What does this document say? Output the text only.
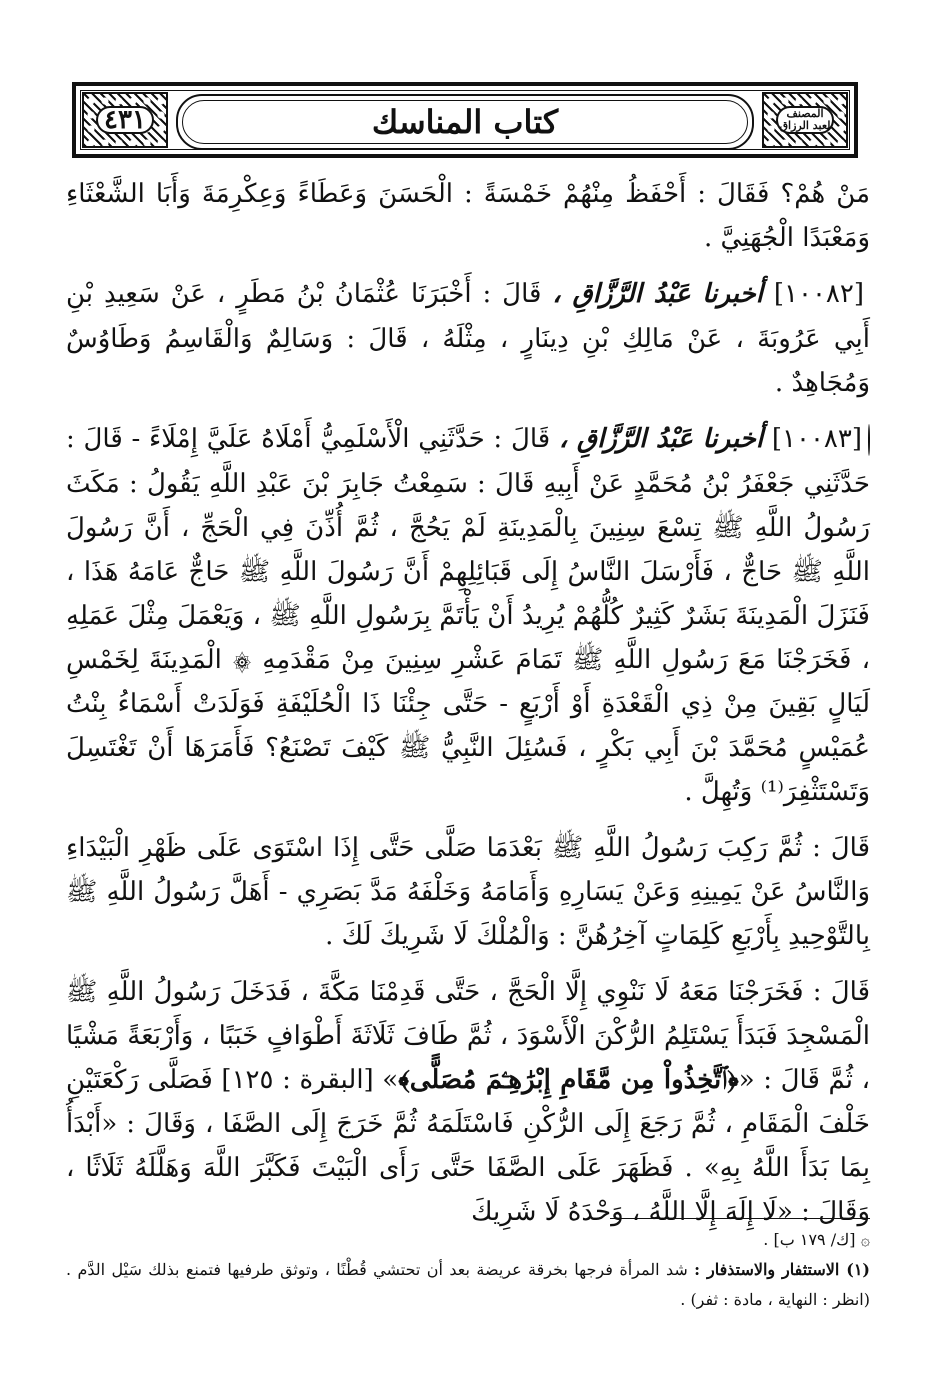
المصنف
لعبد الرزاق
كتاب المناسك
٤٣١

مَنْ هُمْ؟ فَقَالَ : أَحْفَظُ مِنْهُمْ خَمْسَةً : الْحَسَنَ وَعَطَاءً وَعِكْرِمَةَ وَأَبَا الشَّعْثَاءِ وَمَعْبَدًا الْجُهَنِيَّ .

[١٠٠٨٢] أخبرنا عَبْدُ الرَّزَّاقِ ، قَالَ : أَخْبَرَنَا عُثْمَانُ بْنُ مَطَرٍ ، عَنْ سَعِيدِ بْنِ أَبِي عَرُوبَةَ ، عَنْ مَالِكِ بْنِ دِينَارٍ ، مِثْلَهُ ، قَالَ : وَسَالِمٌ وَالْقَاسِمُ وَطَاوُسٌ وَمُجَاهِدٌ .

[١٠٠٨٣] أخبرنا عَبْدُ الرَّزَّاقِ ، قَالَ : حَدَّثَنِي الْأَسْلَمِيُّ أَمْلَاهُ عَلَيَّ إِمْلَاءً - قَالَ : حَدَّثَنِي جَعْفَرُ بْنُ مُحَمَّدٍ عَنْ أَبِيهِ قَالَ : سَمِعْتُ جَابِرَ بْنَ عَبْدِ اللَّهِ يَقُولُ : مَكَثَ رَسُولُ اللَّهِ ﷺ تِسْعَ سِنِينَ بِالْمَدِينَةِ لَمْ يَحُجَّ ، ثُمَّ أُذِّنَ فِي الْحَجِّ ، أَنَّ رَسُولَ اللَّهِ ﷺ حَاجٌّ ، فَأَرْسَلَ النَّاسُ إِلَى قَبَائِلِهِمْ أَنَّ رَسُولَ اللَّهِ ﷺ حَاجٌّ عَامَهُ هَذَا ، فَنَزَلَ الْمَدِينَةَ بَشَرٌ كَثِيرٌ كُلُّهُمْ يُرِيدُ أَنْ يَأْتَمَّ بِرَسُولِ اللَّهِ ﷺ ، وَيَعْمَلَ مِثْلَ عَمَلِهِ ، فَخَرَجْنَا مَعَ رَسُولِ اللَّهِ ﷺ تَمَامَ عَشْرِ سِنِينَ مِنْ مَقْدَمِهِ ۞ الْمَدِينَةَ لِخَمْسِ لَيَالٍ بَقِينَ مِنْ ذِي الْقَعْدَةِ أَوْ أَرْبَعٍ - حَتَّى جِئْنَا ذَا الْحُلَيْفَةِ فَوَلَدَتْ أَسْمَاءُ بِنْتُ عُمَيْسٍ مُحَمَّدَ بْنَ أَبِي بَكْرٍ ، فَسُئِلَ النَّبِيُّ ﷺ كَيْفَ تَصْنَعُ؟ فَأَمَرَهَا أَنْ تَغْتَسِلَ وَتَسْتَثْفِرَ⁽¹⁾ وَتُهِلَّ .

قَالَ : ثُمَّ رَكِبَ رَسُولُ اللَّهِ ﷺ بَعْدَمَا صَلَّى حَتَّى إِذَا اسْتَوَى عَلَى ظَهْرِ الْبَيْدَاءِ وَالنَّاسُ عَنْ يَمِينِهِ وَعَنْ يَسَارِهِ وَأَمَامَهُ وَخَلْفَهُ مَدَّ بَصَرِي - أَهَلَّ رَسُولُ اللَّهِ ﷺ بِالتَّوْحِيدِ بِأَرْبَعِ كَلِمَاتٍ آخِرُهُنَّ : وَالْمُلْكَ لَا شَرِيكَ لَكَ .

قَالَ : فَخَرَجْنَا مَعَهُ لَا نَنْوِي إِلَّا الْحَجَّ ، حَتَّى قَدِمْنَا مَكَّةَ ، فَدَخَلَ رَسُولُ اللَّهِ ﷺ الْمَسْجِدَ فَبَدَأَ يَسْتَلِمُ الرُّكْنَ الْأَسْوَدَ ، ثُمَّ طَافَ ثَلَاثَةَ أَطْوَافٍ خَبَبًا ، وَأَرْبَعَةً مَشْيًا ، ثُمَّ قَالَ : «﴿ٱتَّخِذُواْ مِن مَّقَامِ إِبْرَٰهِـۧمَ مُصَلًّى﴾» [البقرة : ١٢٥] فَصَلَّى رَكْعَتَيْنِ خَلْفَ الْمَقَامِ ، ثُمَّ رَجَعَ إِلَى الرُّكْنِ فَاسْتَلَمَهُ ثُمَّ خَرَجَ إِلَى الصَّفَا ، وَقَالَ : «أَبْدَأُ بِمَا بَدَأَ اللَّهُ بِهِ» . فَظَهَرَ عَلَى الصَّفَا حَتَّى رَأَى الْبَيْتَ فَكَبَّرَ اللَّهَ وَهَلَّلَهُ ثَلَاثًا ، وَقَالَ : «لَا إِلَهَ إِلَّا اللَّهُ ، وَحْدَهُ لَا شَرِيكَ

۞ [ك/ ١٧٩ ب] .

(١) الاستثفار والاستذفار : شد المرأة فرجها بخرقة عريضة بعد أن تحتشي قُطْنًا ، وتوثق طرفيها فتمنع بذلك سَيْل الدَّم . (انظر : النهاية ، مادة : ثفر) .
